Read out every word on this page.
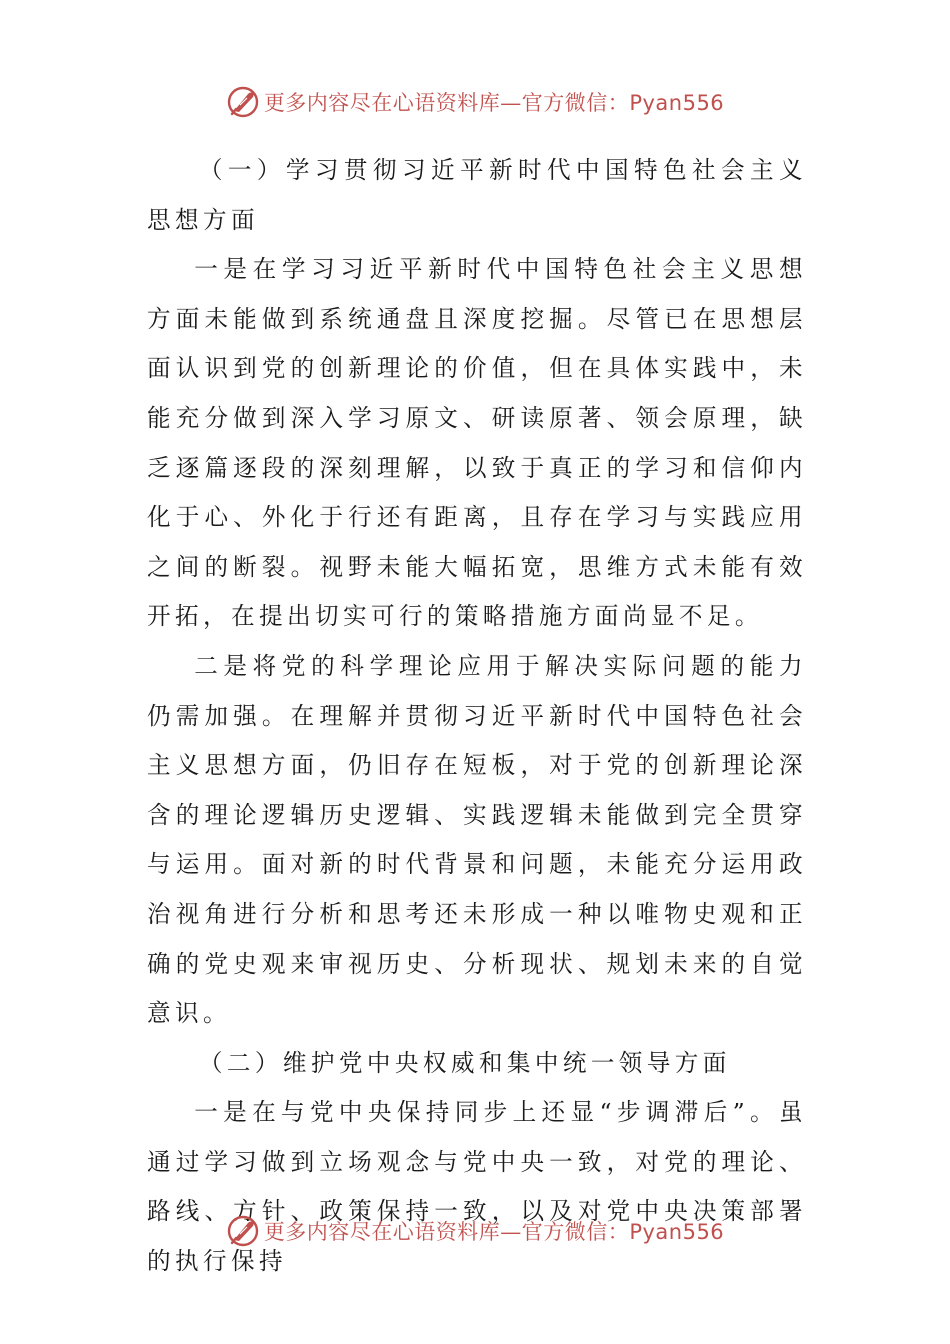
更多内容尽在心语资料库—官方微信：Pyan556

（一）学习贯彻习近平新时代中国特色社会主义思想方面

一是在学习习近平新时代中国特色社会主义思想方面未能做到系统通盘且深度挖掘。尽管已在思想层面认识到党的创新理论的价值，但在具体实践中，未能充分做到深入学习原文、研读原著、领会原理，缺乏逐篇逐段的深刻理解，以致于真正的学习和信仰内化于心、外化于行还有距离，且存在学习与实践应用之间的断裂。视野未能大幅拓宽，思维方式未能有效开拓，在提出切实可行的策略措施方面尚显不足。

二是将党的科学理论应用于解决实际问题的能力仍需加强。在理解并贯彻习近平新时代中国特色社会主义思想方面，仍旧存在短板，对于党的创新理论深含的理论逻辑历史逻辑、实践逻辑未能做到完全贯穿与运用。面对新的时代背景和问题，未能充分运用政治视角进行分析和思考还未形成一种以唯物史观和正确的党史观来审视历史、分析现状、规划未来的自觉意识。

（二）维护党中央权威和集中统一领导方面

一是在与党中央保持同步上还显“步调滞后”。虽通过学习做到立场观念与党中央一致，对党的理论、路线、方针、政策保持一致，以及对党中央决策部署的执行保持

更多内容尽在心语资料库—官方微信：Pyan556
